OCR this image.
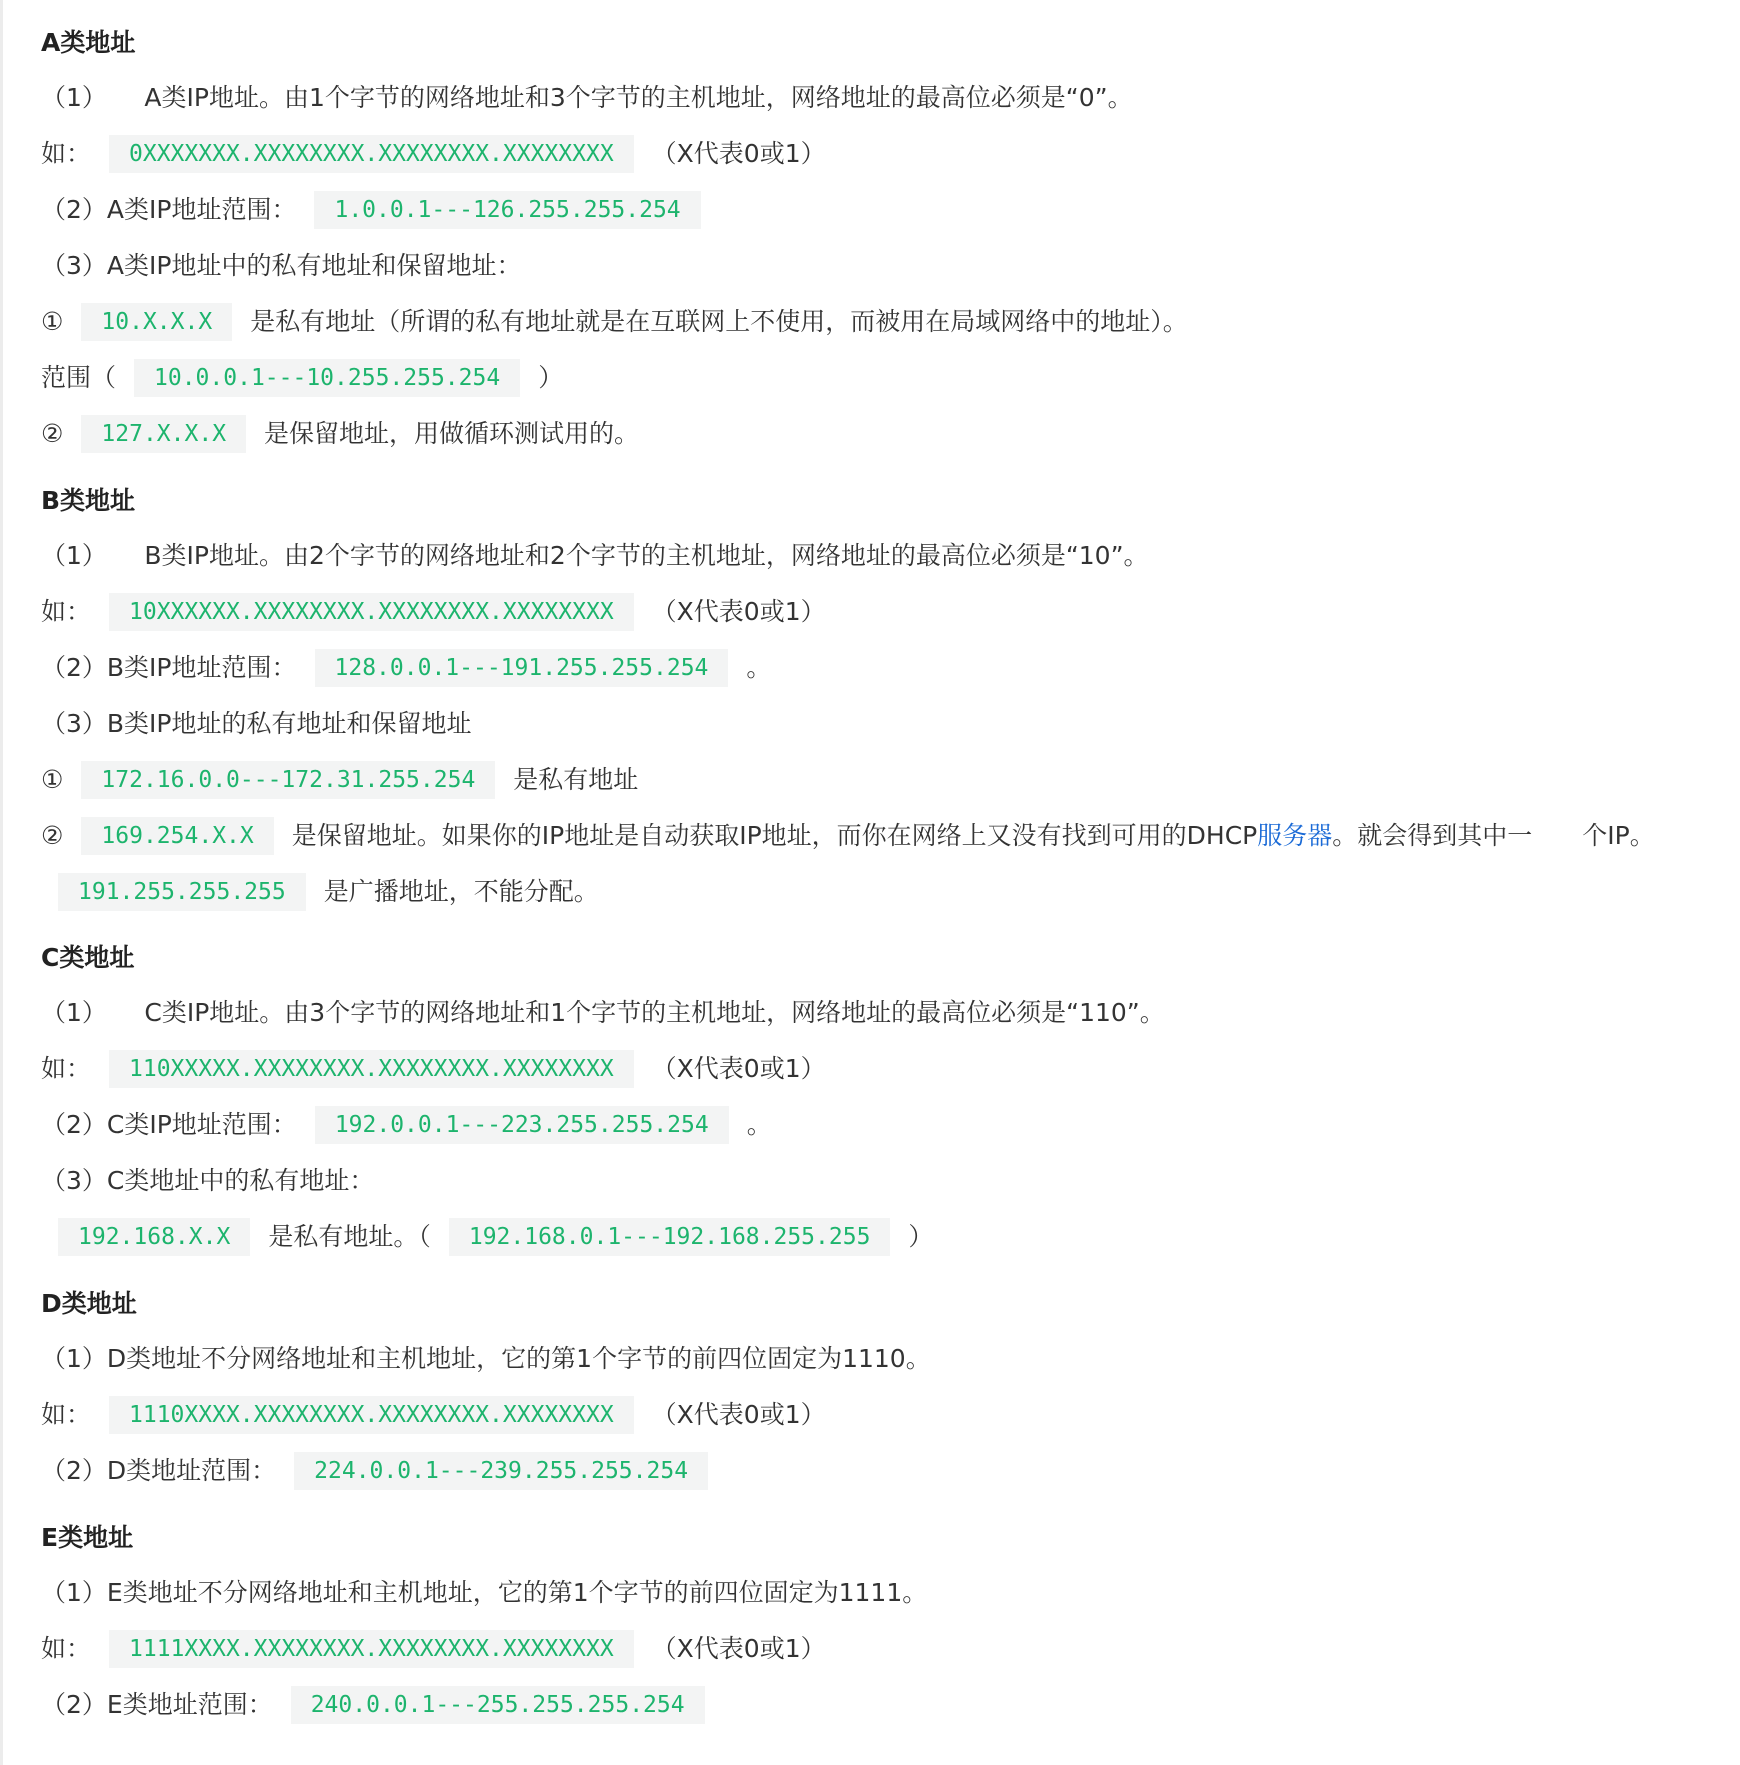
A类地址
（1）　　A类IP地址。由1个字节的网络地址和3个字节的主机地址，网络地址的最高位必须是“0”。
如：	0XXXXXXX.XXXXXXXX.XXXXXXXX.XXXXXXXX	（X代表0或1）
（2）A类IP地址范围：	1.0.0.1---126.255.255.254
（3）A类IP地址中的私有地址和保留地址：
①	10.X.X.X	是私有地址（所谓的私有地址就是在互联网上不使用，而被用在局域网络中的地址）。
范围（	10.0.0.1---10.255.255.254	）
②	127.X.X.X	是保留地址，用做循环测试用的。
B类地址
（1）　　B类IP地址。由2个字节的网络地址和2个字节的主机地址，网络地址的最高位必须是“10”。
如：	10XXXXXX.XXXXXXXX.XXXXXXXX.XXXXXXXX	（X代表0或1）
（2）B类IP地址范围：	128.0.0.1---191.255.255.254	。
（3）B类IP地址的私有地址和保留地址
①	172.16.0.0---172.31.255.254	是私有地址
②	169.254.X.X	是保留地址。如果你的IP地址是自动获取IP地址，而你在网络上又没有找到可用的DHCP 服务器 。就会得到其中一　　个IP。
191.255.255.255	是广播地址，不能分配。
C类地址
（1）　　C类IP地址。由3个字节的网络地址和1个字节的主机地址，网络地址的最高位必须是“110”。
如：	110XXXXX.XXXXXXXX.XXXXXXXX.XXXXXXXX	（X代表0或1）
（2）C类IP地址范围：	192.0.0.1---223.255.255.254	。
（3）C类地址中的私有地址：
192.168.X.X	是私有地址。（	192.168.0.1---192.168.255.255	）
D类地址
（1）D类地址不分网络地址和主机地址，它的第1个字节的前四位固定为1110。
如：	1110XXXX.XXXXXXXX.XXXXXXXX.XXXXXXXX	（X代表0或1）
（2）D类地址范围：	224.0.0.1---239.255.255.254
E类地址
（1）E类地址不分网络地址和主机地址，它的第1个字节的前四位固定为1111。
如：	1111XXXX.XXXXXXXX.XXXXXXXX.XXXXXXXX	（X代表0或1）
（2）E类地址范围：	240.0.0.1---255.255.255.254
